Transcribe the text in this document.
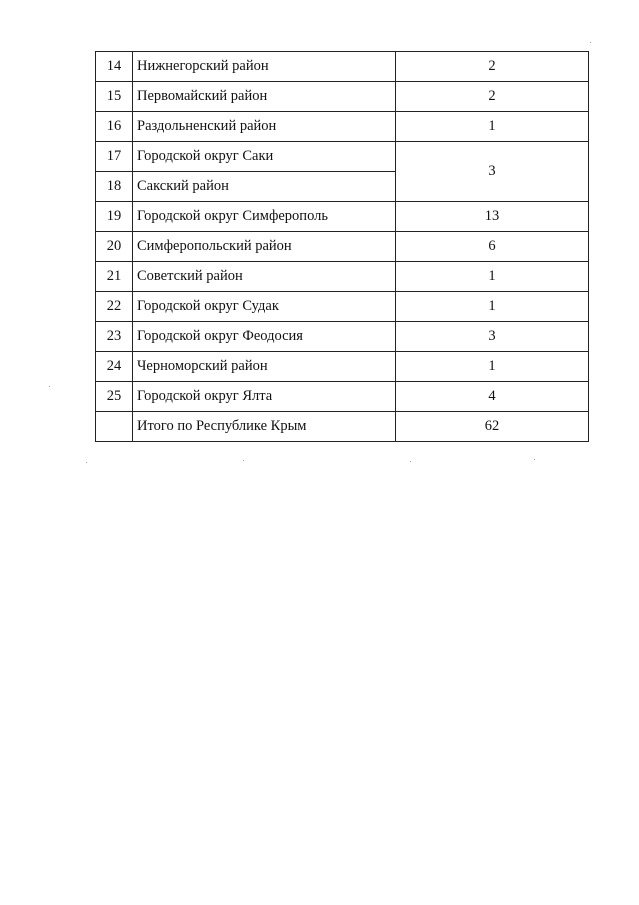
14	Нижнегорский район	2
15	Первомайский район	2
16	Раздольненский район	1
17	Городской округ Саки	3
18	Сакский район	
19	Городской округ Симферополь	13
20	Симферопольский район	6
21	Советский район	1
22	Городской округ Судак	1
23	Городской округ Феодосия	3
24	Черноморский район	1
25	Городской округ Ялта	4
	Итого по Республике Крым	62
